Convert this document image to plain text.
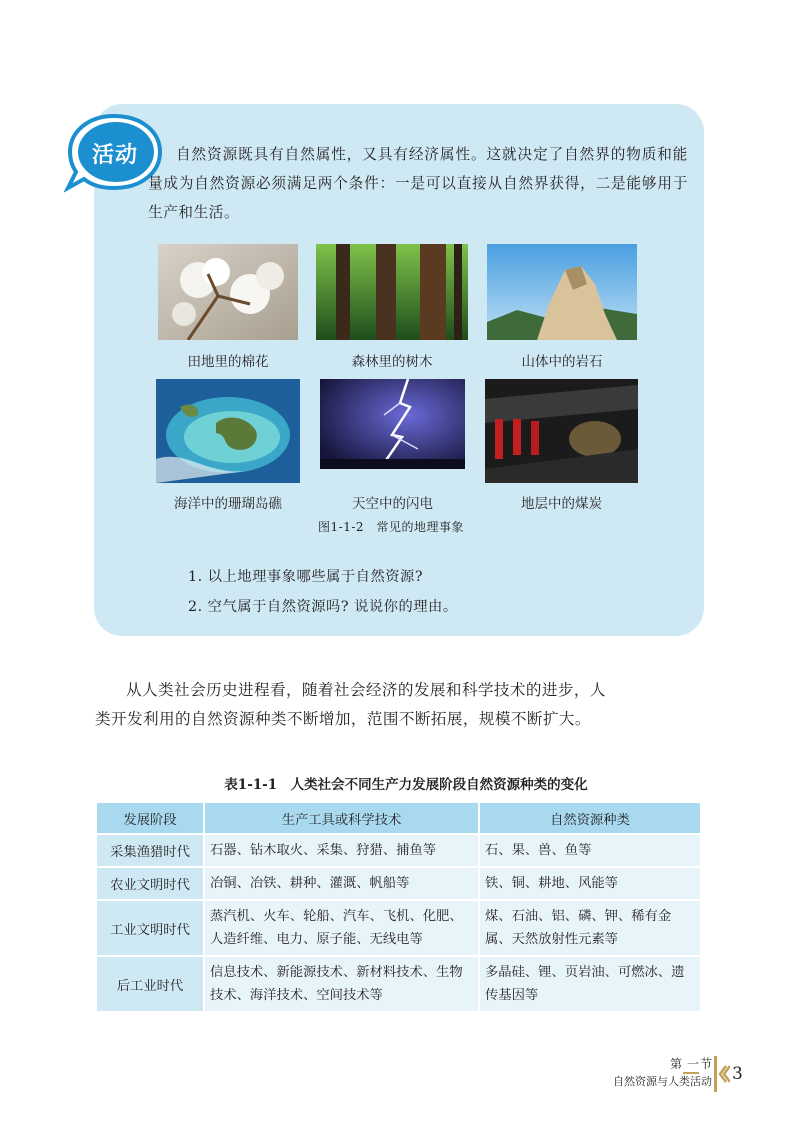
活动	自然资源既具有自然属性，又具有经济属性。这就决定了自然界的物质和能量成为自然资源必须满足两个条件：一是可以直接从自然界获得，二是能够用于生产和生活。
田地里的棉花	森林里的树木	山体中的岩石
海洋中的珊瑚岛礁	天空中的闪电	地层中的煤炭
图1-1-2　常见的地理事象
1. 以上地理事象哪些属于自然资源?
2. 空气属于自然资源吗? 说说你的理由。
从人类社会历史进程看，随着社会经济的发展和科学技术的进步，人类开发利用的自然资源种类不断增加，范围不断拓展，规模不断扩大。
表1-1-1　人类社会不同生产力发展阶段自然资源种类的变化
发展阶段	生产工具或科学技术	自然资源种类
采集渔猎时代	石器、钻木取火、采集、狩猎、捕鱼等	石、果、兽、鱼等
农业文明时代	冶铜、冶铁、耕种、灌溉、帆船等	铁、铜、耕地、风能等
工业文明时代	蒸汽机、火车、轮船、汽车、飞机、化肥、人造纤维、电力、原子能、无线电等	煤、石油、铝、磷、钾、稀有金属、天然放射性元素等
后工业时代	信息技术、新能源技术、新材料技术、生物技术、海洋技术、空间技术等	多晶硅、锂、页岩油、可燃冰、遗传基因等
第 一节
自然资源与人类活动 3
